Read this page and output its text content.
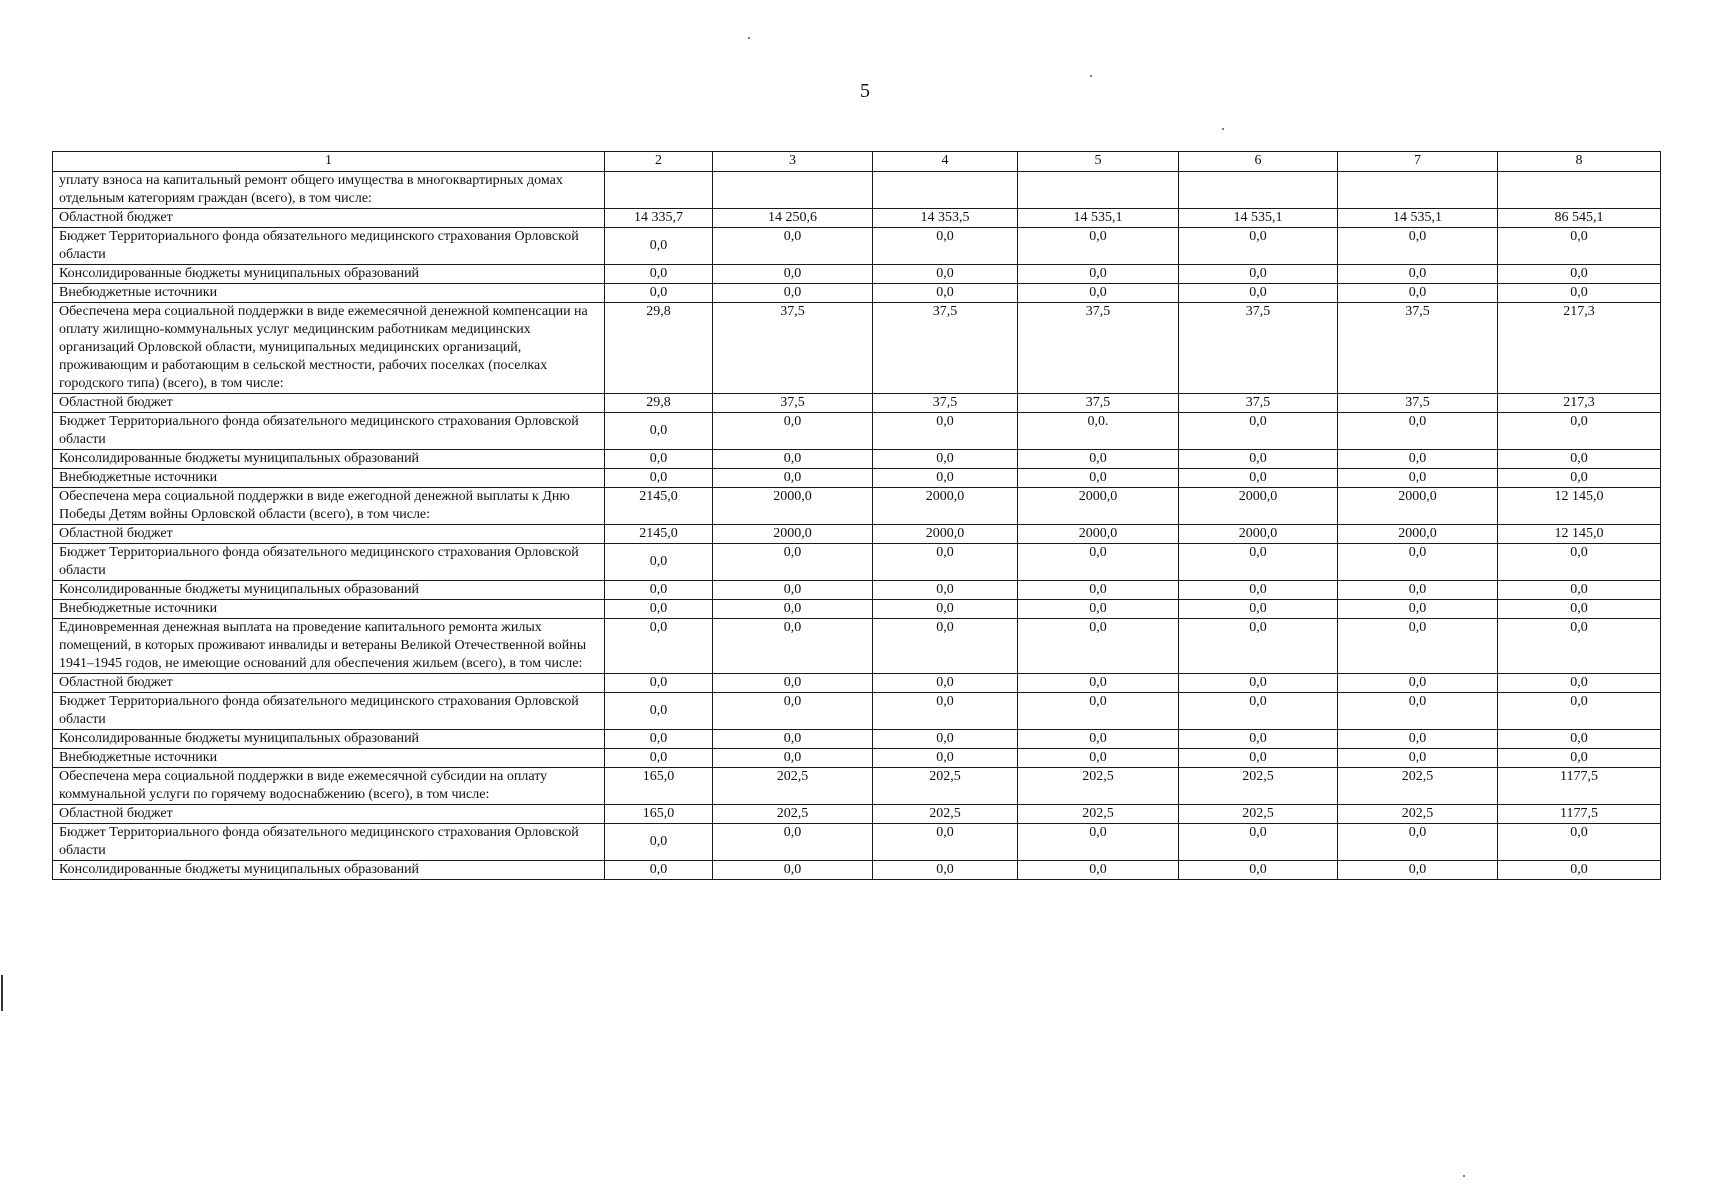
5
1	2	3	4	5	6	7	8
уплату взноса на капитальный ремонт общего имущества в многоквартирных домах отдельным категориям граждан (всего), в том числе:							
Областной бюджет	14 335,7	14 250,6	14 353,5	14 535,1	14 535,1	14 535,1	86 545,1
Бюджет Территориального фонда обязательного медицинского страхования Орловской области	0,0	0,0	0,0	0,0	0,0	0,0	0,0
Консолидированные бюджеты муниципальных образований	0,0	0,0	0,0	0,0	0,0	0,0	0,0
Внебюджетные источники	0,0	0,0	0,0	0,0	0,0	0,0	0,0
Обеспечена мера социальной поддержки в виде ежемесячной денежной компенсации на оплату жилищно-коммунальных услуг медицинским работникам медицинских организаций Орловской области, муниципальных медицинских организаций, проживающим и работающим в сельской местности, рабочих поселках (поселках городского типа) (всего), в том числе:	29,8	37,5	37,5	37,5	37,5	37,5	217,3
Областной бюджет	29,8	37,5	37,5	37,5	37,5	37,5	217,3
Бюджет Территориального фонда обязательного медицинского страхования Орловской области	0,0	0,0	0,0	0,0.	0,0	0,0	0,0
Консолидированные бюджеты муниципальных образований	0,0	0,0	0,0	0,0	0,0	0,0	0,0
Внебюджетные источники	0,0	0,0	0,0	0,0	0,0	0,0	0,0
Обеспечена мера социальной поддержки в виде ежегодной денежной выплаты к Дню Победы Детям войны Орловской области (всего), в том числе:	2145,0	2000,0	2000,0	2000,0	2000,0	2000,0	12 145,0
Областной бюджет	2145,0	2000,0	2000,0	2000,0	2000,0	2000,0	12 145,0
Бюджет Территориального фонда обязательного медицинского страхования Орловской области	0,0	0,0	0,0	0,0	0,0	0,0	0,0
Консолидированные бюджеты муниципальных образований	0,0	0,0	0,0	0,0	0,0	0,0	0,0
Внебюджетные источники	0,0	0,0	0,0	0,0	0,0	0,0	0,0
Единовременная денежная выплата на проведение капитального ремонта жилых помещений, в которых проживают инвалиды и ветераны Великой Отечественной войны 1941–1945 годов, не имеющие оснований для обеспечения жильем (всего), в том числе:	0,0	0,0	0,0	0,0	0,0	0,0	0,0
Областной бюджет	0,0	0,0	0,0	0,0	0,0	0,0	0,0
Бюджет Территориального фонда обязательного медицинского страхования Орловской области	0,0	0,0	0,0	0,0	0,0	0,0	0,0
Консолидированные бюджеты муниципальных образований	0,0	0,0	0,0	0,0	0,0	0,0	0,0
Внебюджетные источники	0,0	0,0	0,0	0,0	0,0	0,0	0,0
Обеспечена мера социальной поддержки в виде ежемесячной субсидии на оплату коммунальной услуги по горячему водоснабжению (всего), в том числе:	165,0	202,5	202,5	202,5	202,5	202,5	1177,5
Областной бюджет	165,0	202,5	202,5	202,5	202,5	202,5	1177,5
Бюджет Территориального фонда обязательного медицинского страхования Орловской области	0,0	0,0	0,0	0,0	0,0	0,0	0,0
Консолидированные бюджеты муниципальных образований	0,0	0,0	0,0	0,0	0,0	0,0	0,0
